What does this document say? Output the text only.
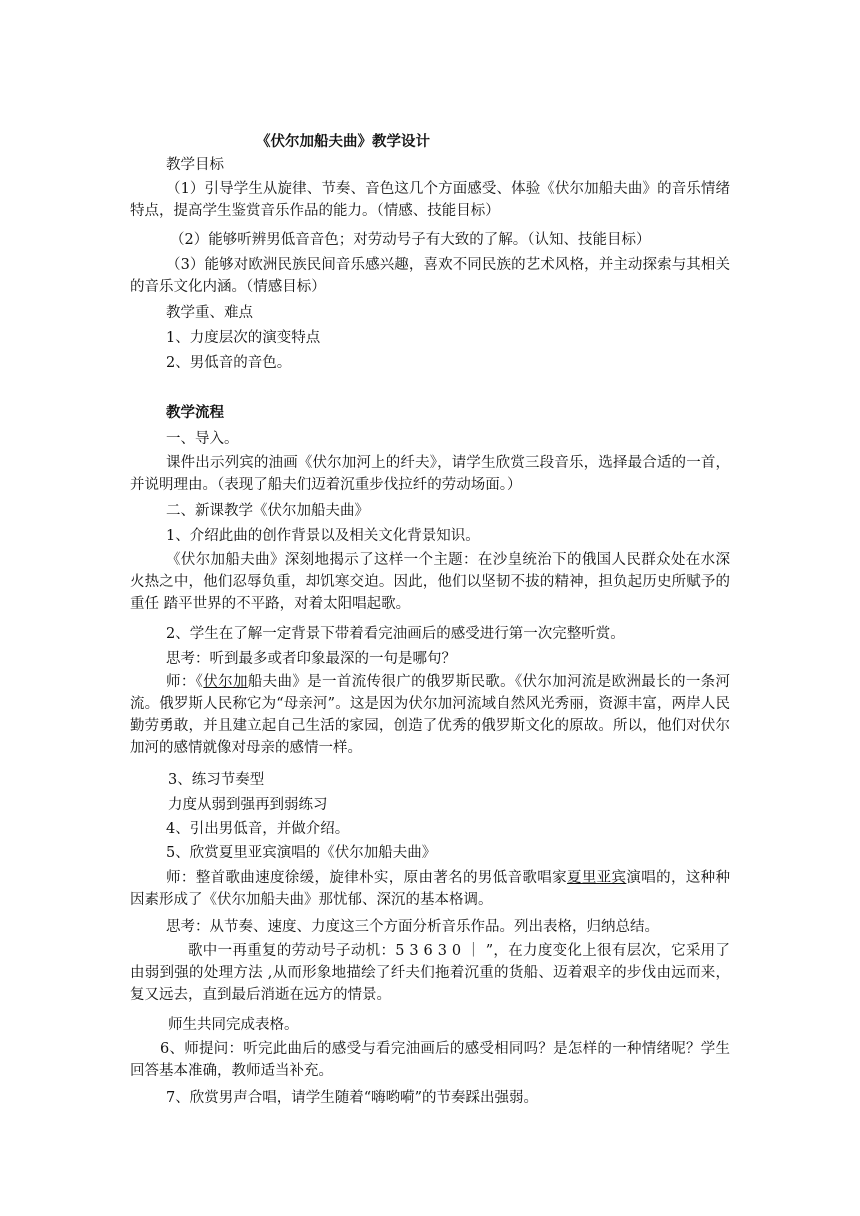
《伏尔加船夫曲》教学设计
教学目标
（1）引导学生从旋律、节奏、音色这几个方面感受、体验《伏尔加船夫曲》的音乐情绪特点，提高学生鉴赏音乐作品的能力。（情感、技能目标）
（2）能够听辨男低音音色；对劳动号子有大致的了解。（认知、技能目标）
（3）能够对欧洲民族民间音乐感兴趣，喜欢不同民族的艺术风格，并主动探索与其相关的音乐文化内涵。（情感目标）
教学重、难点
1、力度层次的演变特点
2、男低音的音色。
教学流程
一、导入。
课件出示列宾的油画《伏尔加河上的纤夫》，请学生欣赏三段音乐，选择最合适的一首，并说明理由。（表现了船夫们迈着沉重步伐拉纤的劳动场面。）
二、新课教学《伏尔加船夫曲》
1、介绍此曲的创作背景以及相关文化背景知识。
《伏尔加船夫曲》深刻地揭示了这样一个主题：在沙皇统治下的俄国人民群众处在水深火热之中，他们忍辱负重，却饥寒交迫。因此，他们以坚韧不拔的精神，担负起历史所赋予的重任 踏平世界的不平路，对着太阳唱起歌。
2、学生在了解一定背景下带着看完油画后的感受进行第一次完整听赏。
思考：听到最多或者印象最深的一句是哪句？
师：《伏尔加船夫曲》是一首流传很广的俄罗斯民歌。《伏尔加河流是欧洲最长的一条河流。俄罗斯人民称它为“母亲河”。这是因为伏尔加河流域自然风光秀丽，资源丰富，两岸人民勤劳勇敢，并且建立起自己生活的家园，创造了优秀的俄罗斯文化的原故。所以，他们对伏尔加河的感情就像对母亲的感情一样。
3、练习节奏型
力度从弱到强再到弱练习
4、引出男低音，并做介绍。
5、欣赏夏里亚宾演唱的《伏尔加船夫曲》
师：整首歌曲速度徐缓，旋律朴实，原由著名的男低音歌唱家夏里亚宾演唱的，这种种因素形成了《伏尔加船夫曲》那忧郁、深沉的基本格调。
思考：从节奏、速度、力度这三个方面分析音乐作品。列出表格，归纳总结。
歌中一再重复的劳动号子动机：5 3 6 3 0 ｜ ”，在力度变化上很有层次，它采用了由弱到强的处理方法 ,从而形象地描绘了纤夫们拖着沉重的货船、迈着艰辛的步伐由远而来，复又远去，直到最后消逝在远方的情景。
师生共同完成表格。
6、师提问：听完此曲后的感受与看完油画后的感受相同吗？是怎样的一种情绪呢？学生回答基本准确，教师适当补充。
7、欣赏男声合唱，请学生随着“嗨哟嗬”的节奏踩出强弱。
